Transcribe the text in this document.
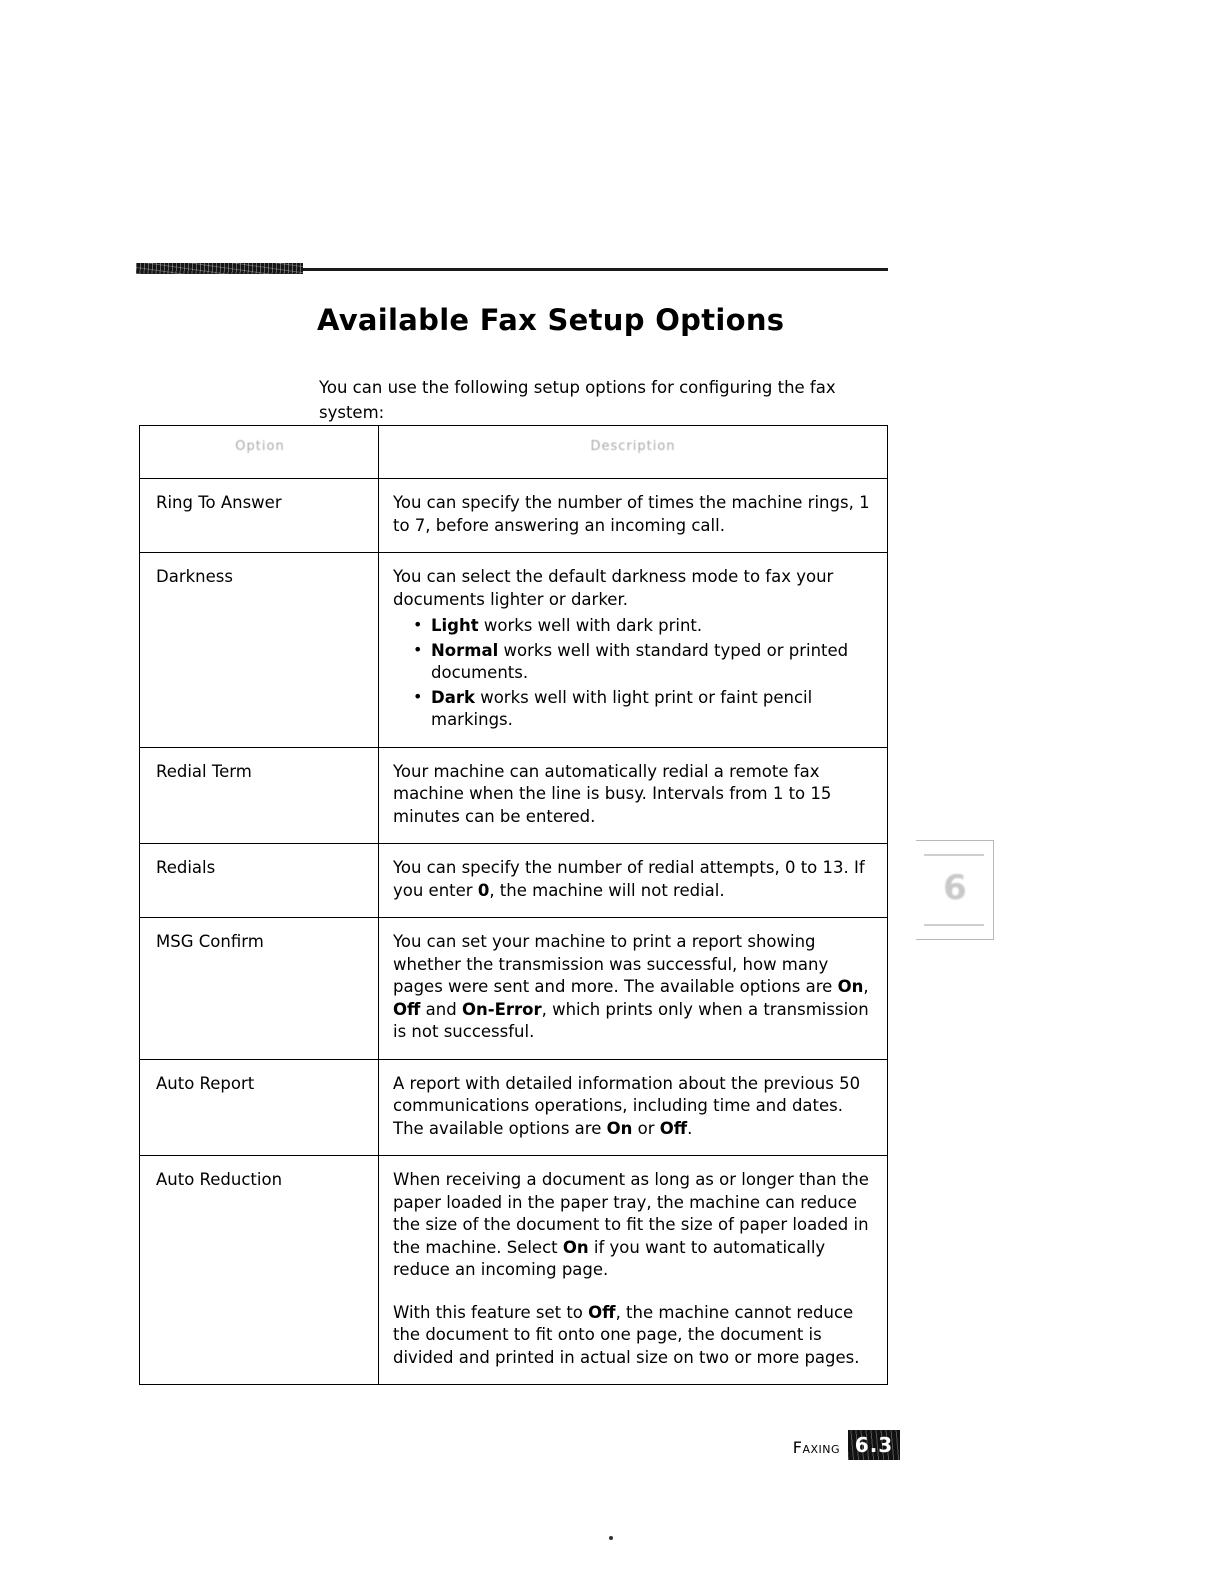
Available Fax Setup Options

You can use the following setup options for configuring the fax system:

Option	Description

Ring To Answer	You can specify the number of times the machine rings, 1 to 7, before answering an incoming call.

Darkness	You can select the default darkness mode to fax your documents lighter or darker.

• Light works well with dark print.
• Normal works well with standard typed or printed documents.
• Dark works well with light print or faint pencil markings.

Redial Term	Your machine can automatically redial a remote fax machine when the line is busy. Intervals from 1 to 15 minutes can be entered.

Redials	You can specify the number of redial attempts, 0 to 13. If you enter 0, the machine will not redial.

MSG Confirm	You can set your machine to print a report showing whether the transmission was successful, how many pages were sent and more. The available options are On, Off and On-Error, which prints only when a transmission is not successful.

Auto Report	A report with detailed information about the previous 50 communications operations, including time and dates. The available options are On or Off.

Auto Reduction	When receiving a document as long as or longer than the paper loaded in the paper tray, the machine can reduce the size of the document to fit the size of paper loaded in the machine. Select On if you want to automatically reduce an incoming page.

With this feature set to Off, the machine cannot reduce the document to fit onto one page, the document is divided and printed in actual size on two or more pages.

6
Faxing 6.3
